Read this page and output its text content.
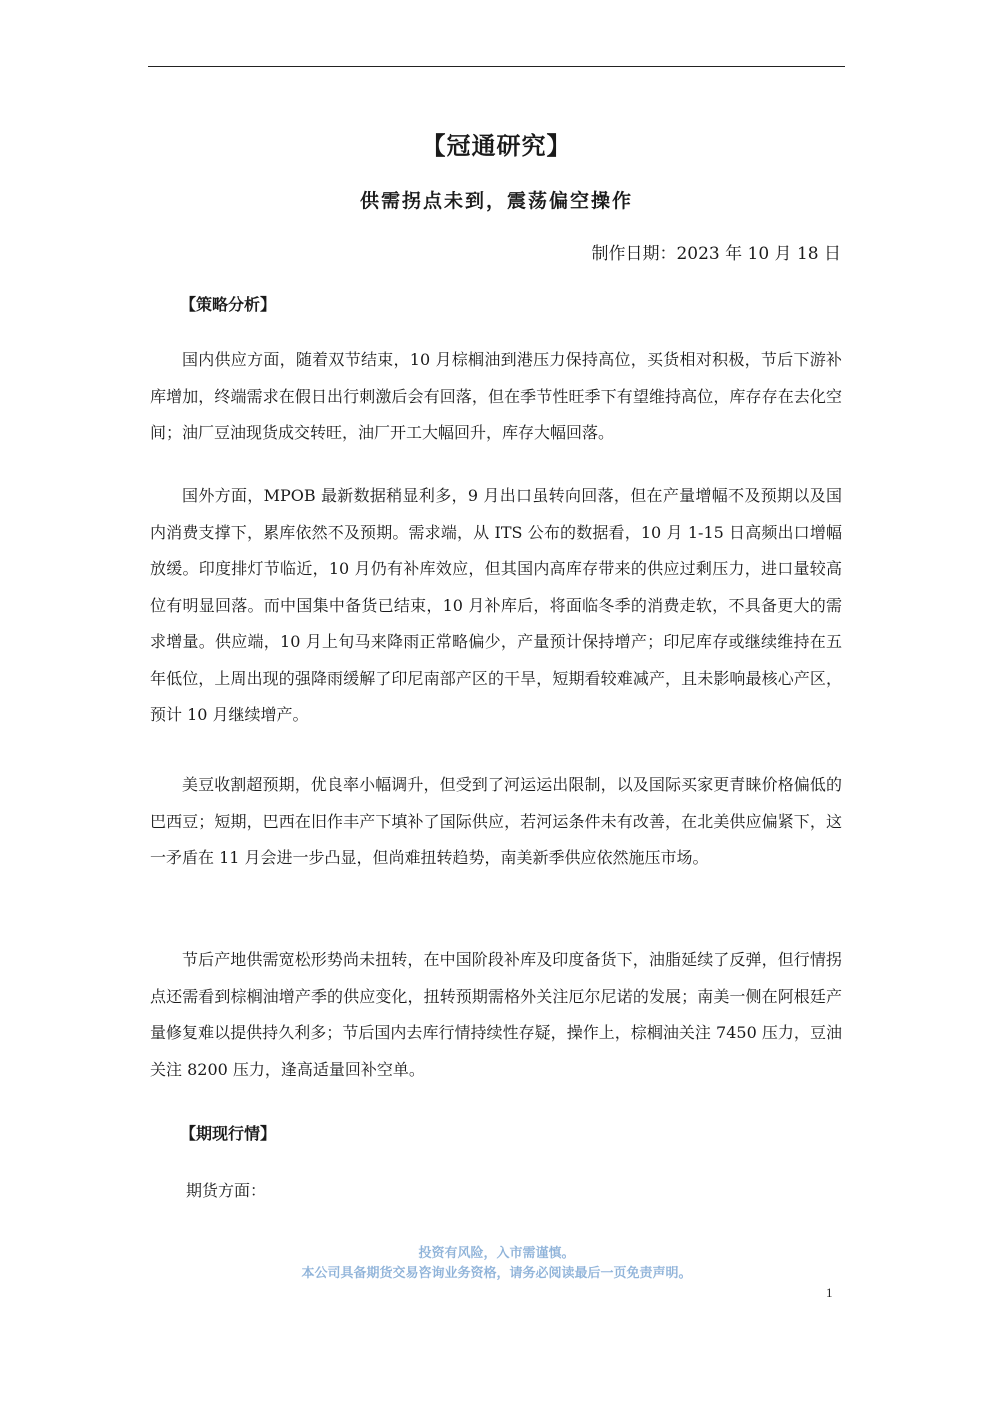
【冠通研究】
供需拐点未到，震荡偏空操作
制作日期：2023 年 10 月 18 日
【策略分析】

国内供应方面，随着双节结束，10 月棕榈油到港压力保持高位，买货相对积极，节后下游补库增加，终端需求在假日出行刺激后会有回落，但在季节性旺季下有望维持高位，库存存在去化空间；油厂豆油现货成交转旺，油厂开工大幅回升，库存大幅回落。

国外方面，MPOB 最新数据稍显利多，9 月出口虽转向回落，但在产量增幅不及预期以及国内消费支撑下，累库依然不及预期。需求端，从 ITS 公布的数据看，10 月 1-15 日高频出口增幅放缓。印度排灯节临近，10 月仍有补库效应，但其国内高库存带来的供应过剩压力，进口量较高位有明显回落。而中国集中备货已结束，10 月补库后，将面临冬季的消费走软，不具备更大的需求增量。供应端，10 月上旬马来降雨正常略偏少，产量预计保持增产；印尼库存或继续维持在五年低位，上周出现的强降雨缓解了印尼南部产区的干旱，短期看较难减产，且未影响最核心产区，预计 10 月继续增产。

美豆收割超预期，优良率小幅调升，但受到了河运运出限制，以及国际买家更青睐价格偏低的巴西豆；短期，巴西在旧作丰产下填补了国际供应，若河运条件未有改善，在北美供应偏紧下，这一矛盾在 11 月会进一步凸显，但尚难扭转趋势，南美新季供应依然施压市场。

节后产地供需宽松形势尚未扭转，在中国阶段补库及印度备货下，油脂延续了反弹，但行情拐点还需看到棕榈油增产季的供应变化，扭转预期需格外关注厄尔尼诺的发展；南美一侧在阿根廷产量修复难以提供持久利多；节后国内去库行情持续性存疑，操作上，棕榈油关注 7450 压力，豆油关注 8200 压力，逢高适量回补空单。

【期现行情】
期货方面：
投资有风险，入市需谨慎。
本公司具备期货交易咨询业务资格，请务必阅读最后一页免责声明。
1
